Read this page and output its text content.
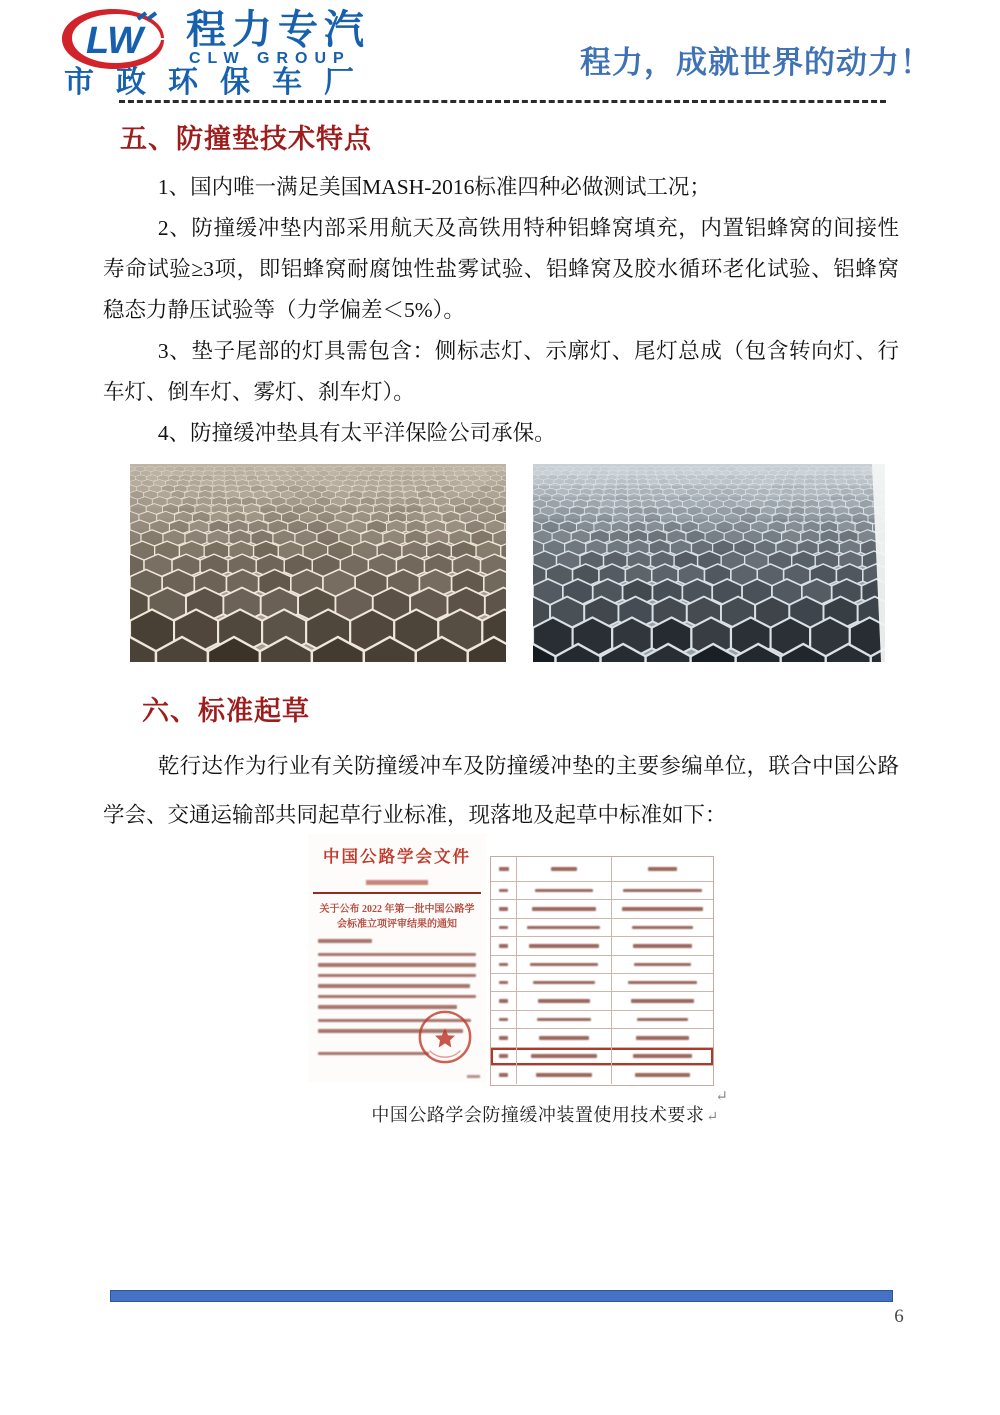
LW 程力专汽
CLW GROUP
市政环保车厂
程力，成就世界的动力！
五、防撞垫技术特点

1、国内唯一满足美国MASH-2016标准四种必做测试工况；

2、防撞缓冲垫内部采用航天及高铁用特种铝蜂窝填充，内置铝蜂窝的间接性寿命试验≥3项，即铝蜂窝耐腐蚀性盐雾试验、铝蜂窝及胶水循环老化试验、铝蜂窝稳态力静压试验等（力学偏差＜5%）。

3、垫子尾部的灯具需包含：侧标志灯、示廓灯、尾灯总成（包含转向灯、行车灯、倒车灯、雾灯、刹车灯）。

4、防撞缓冲垫具有太平洋保险公司承保。

六、标准起草

乾行达作为行业有关防撞缓冲车及防撞缓冲垫的主要参编单位，联合中国公路学会、交通运输部共同起草行业标准，现落地及起草中标准如下：

中国公路学会文件
关于公布 2022 年第一批中国公路学会标准立项评审结果的通知
↵
中国公路学会防撞缓冲装置使用技术要求 ↵
6
